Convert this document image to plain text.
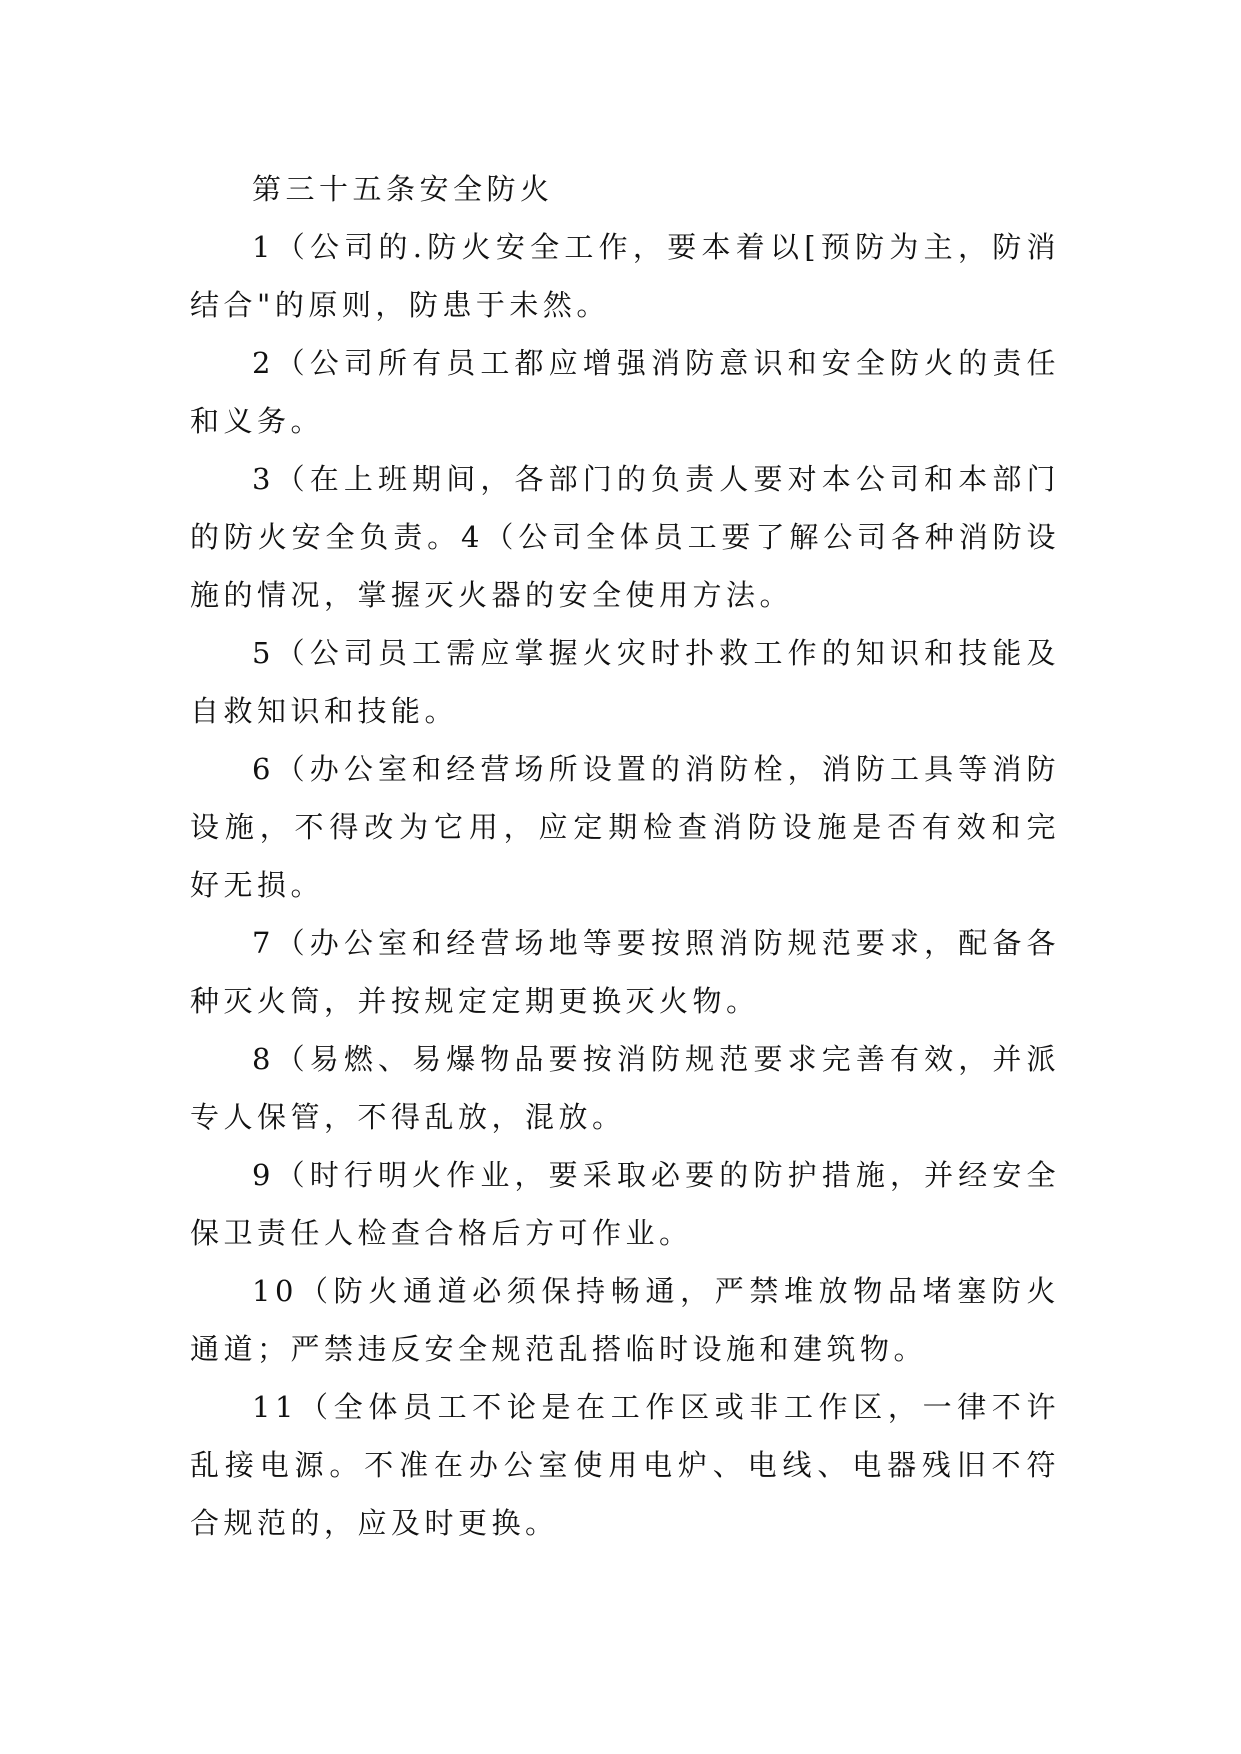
第三十五条安全防火

1（公司的.防火安全工作，要本着以[预防为主，防消结合"的原则，防患于未然。

2（公司所有员工都应增强消防意识和安全防火的责任和义务。

3（在上班期间，各部门的负责人要对本公司和本部门的防火安全负责。4（公司全体员工要了解公司各种消防设施的情况，掌握灭火器的安全使用方法。

5（公司员工需应掌握火灾时扑救工作的知识和技能及自救知识和技能。

6（办公室和经营场所设置的消防栓，消防工具等消防设施，不得改为它用，应定期检查消防设施是否有效和完好无损。

7（办公室和经营场地等要按照消防规范要求，配备各种灭火筒，并按规定定期更换灭火物。

8（易燃、易爆物品要按消防规范要求完善有效，并派专人保管，不得乱放，混放。

9（时行明火作业，要采取必要的防护措施，并经安全保卫责任人检查合格后方可作业。

10（防火通道必须保持畅通，严禁堆放物品堵塞防火通道；严禁违反安全规范乱搭临时设施和建筑物。

11（全体员工不论是在工作区或非工作区，一律不许乱接电源。不准在办公室使用电炉、电线、电器残旧不符合规范的，应及时更换。
